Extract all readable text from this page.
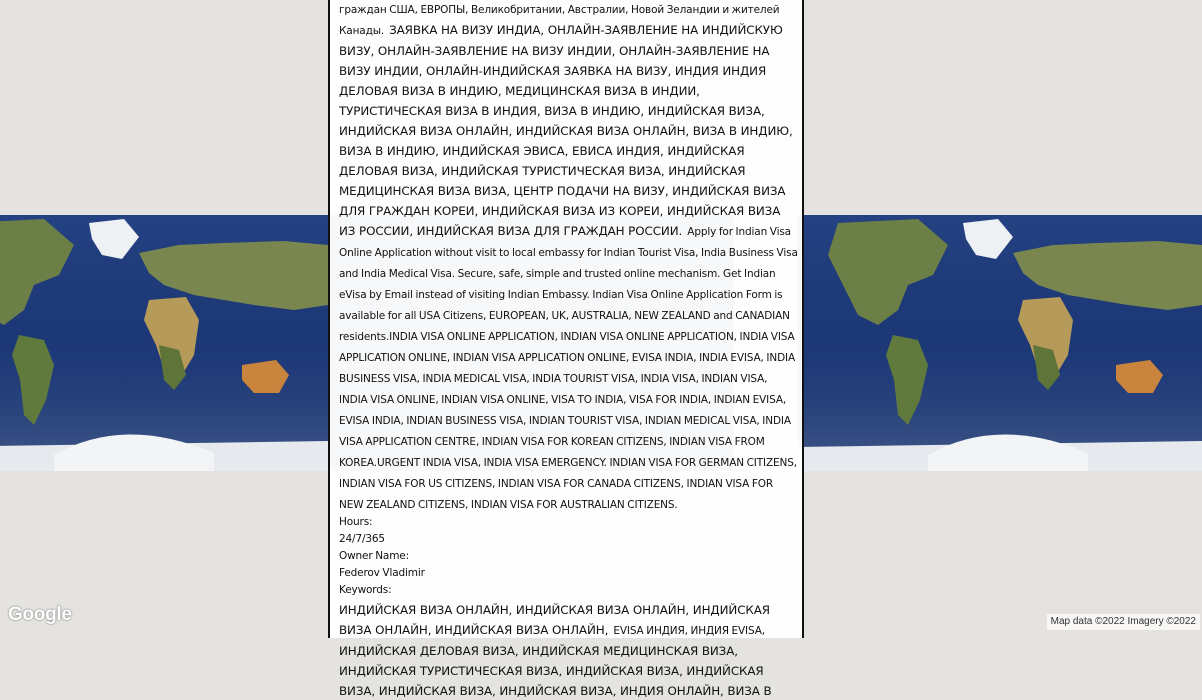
Google	Map data ©2022 Imagery ©2022

граждан США, ЕВРОПЫ, Великобритании, Австралии, Новой Зеландии и жителей Канады. ЗАЯВКА НА ВИЗУ ИНДИА, ОНЛАЙН-ЗАЯВЛЕНИЕ НА ИНДИЙСКУЮ ВИЗУ, ОНЛАЙН-ЗАЯВЛЕНИЕ НА ВИЗУ ИНДИИ, ОНЛАЙН-ЗАЯВЛЕНИЕ НА ВИЗУ ИНДИИ, ОНЛАЙН-ИНДИЙСКАЯ ЗАЯВКА НА ВИЗУ, ИНДИЯ ИНДИЯ ДЕЛОВАЯ ВИЗА В ИНДИЮ, МЕДИЦИНСКАЯ ВИЗА В ИНДИИ, ТУРИСТИЧЕСКАЯ ВИЗА В ИНДИЯ, ВИЗА В ИНДИЮ, ИНДИЙСКАЯ ВИЗА, ИНДИЙСКАЯ ВИЗА ОНЛАЙН, ИНДИЙСКАЯ ВИЗА ОНЛАЙН, ВИЗА В ИНДИЮ, ВИЗА В ИНДИЮ, ИНДИЙСКАЯ ЭВИСА, ЕВИСА ИНДИЯ, ИНДИЙСКАЯ ДЕЛОВАЯ ВИЗА, ИНДИЙСКАЯ ТУРИСТИЧЕСКАЯ ВИЗА, ИНДИЙСКАЯ МЕДИЦИНСКАЯ ВИЗА ВИЗА, ЦЕНТР ПОДАЧИ НА ВИЗУ, ИНДИЙСКАЯ ВИЗА ДЛЯ ГРАЖДАН КОРЕИ, ИНДИЙСКАЯ ВИЗА ИЗ КОРЕИ, ИНДИЙСКАЯ ВИЗА ИЗ РОССИИ, ИНДИЙСКАЯ ВИЗА ДЛЯ ГРАЖДАН РОССИИ. Apply for Indian Visa Online Application without visit to local embassy for Indian Tourist Visa, India Business Visa and India Medical Visa. Secure, safe, simple and trusted online mechanism. Get Indian eVisa by Email instead of visiting Indian Embassy. Indian Visa Online Application Form is available for all USA Citizens, EUROPEAN, UK, AUSTRALIA, NEW ZEALAND and CANADIAN residents.INDIA VISA ONLINE APPLICATION, INDIAN VISA ONLINE APPLICATION, INDIA VISA APPLICATION ONLINE, INDIAN VISA APPLICATION ONLINE, EVISA INDIA, INDIA EVISA, INDIA BUSINESS VISA, INDIA MEDICAL VISA, INDIA TOURIST VISA, INDIA VISA, INDIAN VISA, INDIA VISA ONLINE, INDIAN VISA ONLINE, VISA TO INDIA, VISA FOR INDIA, INDIAN EVISA, EVISA INDIA, INDIAN BUSINESS VISA, INDIAN TOURIST VISA, INDIAN MEDICAL VISA, INDIA VISA APPLICATION CENTRE, INDIAN VISA FOR KOREAN CITIZENS, INDIAN VISA FROM KOREA.URGENT INDIA VISA, INDIA VISA EMERGENCY. INDIAN VISA FOR GERMAN CITIZENS, INDIAN VISA FOR US CITIZENS, INDIAN VISA FOR CANADA CITIZENS, INDIAN VISA FOR NEW ZEALAND CITIZENS, INDIAN VISA FOR AUSTRALIAN CITIZENS.

Hours:
24/7/365
Owner Name:
Federov Vladimir
Keywords:
ИНДИЙСКАЯ ВИЗА ОНЛАЙН, ИНДИЙСКАЯ ВИЗА ОНЛАЙН, ИНДИЙСКАЯ ВИЗА ОНЛАЙН, ИНДИЙСКАЯ ВИЗА ОНЛАЙН, EVISA ИНДИЯ, ИНДИЯ EVISA, ИНДИЙСКАЯ ДЕЛОВАЯ ВИЗА, ИНДИЙСКАЯ МЕДИЦИНСКАЯ ВИЗА, ИНДИЙСКАЯ ТУРИСТИЧЕСКАЯ ВИЗА, ИНДИЙСКАЯ ВИЗА, ИНДИЙСКАЯ ВИЗА, ИНДИЙСКАЯ ВИЗА, ИНДИЙСКАЯ ВИЗА, ИНДИЯ ОНЛАЙН, ВИЗА В
